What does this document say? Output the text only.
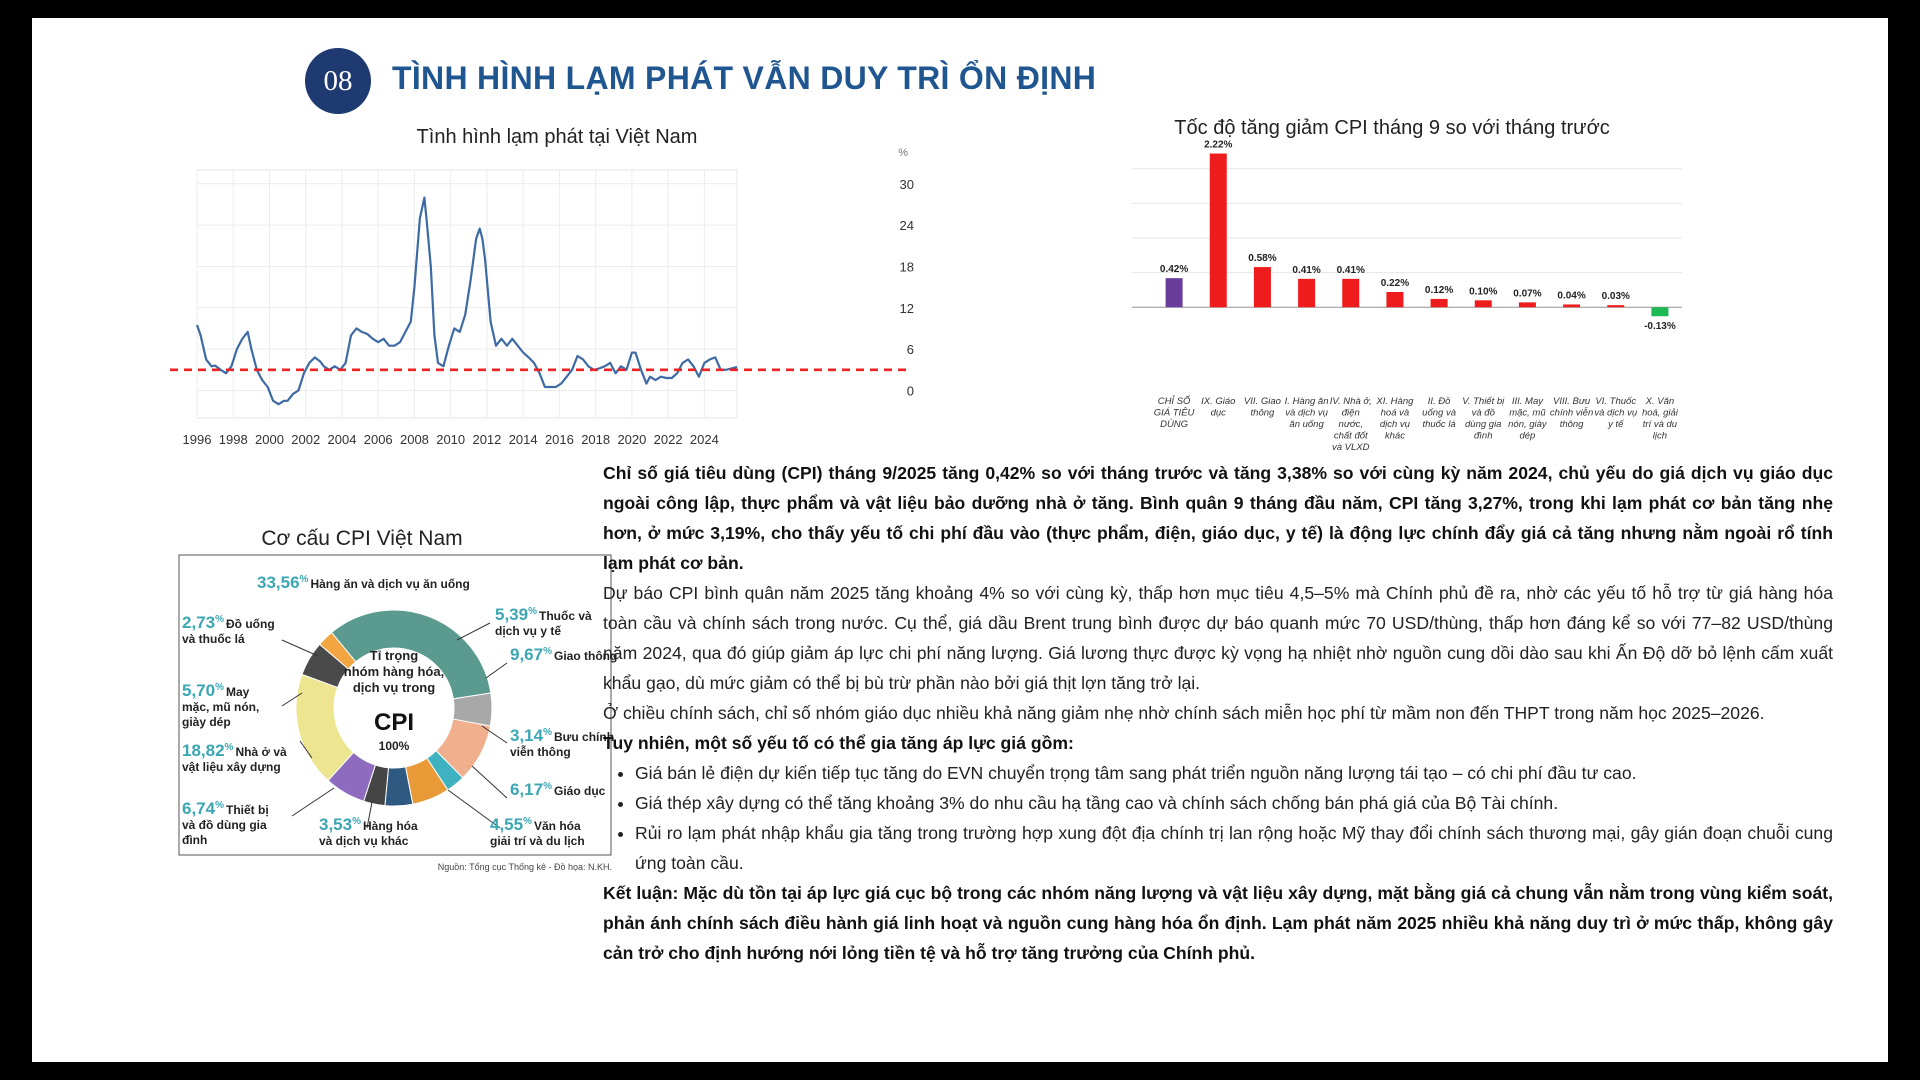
08 TÌNH HÌNH LẠM PHÁT VẪN DUY TRÌ ỔN ĐỊNH
Tình hình lạm phát tại Việt Nam
%
1996 1998 2000 2002 2004 2006 2008 2010 2012 2014 2016 2018 2020 2022 2024
0
6
12
18
24
30
Tốc độ tăng giảm CPI tháng 9 so với tháng trước
0.42%
CHỈ SỐ GIÁ TIÊU DÙNG
2.22%
IX. Giáo dục
0.58%
VII. Giao thông
0.41%
I. Hàng ăn và dịch vụ ăn uống
0.41%
IV. Nhà ở, điện nước, chất đốt và VLXD
0.22%
XI. Hàng hoá và dịch vụ khác
0.12%
II. Đồ uống và thuốc lá
0.10%
V. Thiết bị và đồ dùng gia đình
0.07%
III. May mặc, mũ nón, giày dép
0.04%
VIII. Bưu chính viễn thông
0.03%
VI. Thuốc và dịch vụ y tế
-0.13%
X. Văn hoá, giải trí và du lịch
Cơ cấu CPI Việt Nam
Tỉ trọng
nhóm hàng hóa,
dịch vụ trong
CPI
100%
33,56% Hàng ăn và dịch vụ ăn uống
5,39% Thuốc và dịch vụ y tế
9,67% Giao thông
3,14% Bưu chính viễn thông
6,17% Giáo dục
4,55% Văn hóa giải trí và du lịch
3,53% Hàng hóa và dịch vụ khác
6,74% Thiết bị và đồ dùng gia đình
18,82% Nhà ở và vật liệu xây dựng
5,70% May mặc, mũ nón, giày dép
2,73% Đồ uống và thuốc lá
Nguồn: Tổng cục Thống kê - Đồ họa: N.KH.

Chỉ số giá tiêu dùng (CPI) tháng 9/2025 tăng 0,42% so với tháng trước và tăng 3,38% so với cùng kỳ năm 2024, chủ yếu do giá dịch vụ giáo dục ngoài công lập, thực phẩm và vật liệu bảo dưỡng nhà ở tăng. Bình quân 9 tháng đầu năm, CPI tăng 3,27%, trong khi lạm phát cơ bản tăng nhẹ hơn, ở mức 3,19%, cho thấy yếu tố chi phí đầu vào (thực phẩm, điện, giáo dục, y tế) là động lực chính đẩy giá cả tăng nhưng nằm ngoài rổ tính lạm phát cơ bản.

Dự báo CPI bình quân năm 2025 tăng khoảng 4% so với cùng kỳ, thấp hơn mục tiêu 4,5–5% mà Chính phủ đề ra, nhờ các yếu tố hỗ trợ từ giá hàng hóa toàn cầu và chính sách trong nước. Cụ thể, giá dầu Brent trung bình được dự báo quanh mức 70 USD/thùng, thấp hơn đáng kể so với 77–82 USD/thùng năm 2024, qua đó giúp giảm áp lực chi phí năng lượng. Giá lương thực được kỳ vọng hạ nhiệt nhờ nguồn cung dồi dào sau khi Ấn Độ dỡ bỏ lệnh cấm xuất khẩu gạo, dù mức giảm có thể bị bù trừ phần nào bởi giá thịt lợn tăng trở lại.

Ở chiều chính sách, chỉ số nhóm giáo dục nhiều khả năng giảm nhẹ nhờ chính sách miễn học phí từ mầm non đến THPT trong năm học 2025–2026.

Tuy nhiên, một số yếu tố có thể gia tăng áp lực giá gồm:

• Giá bán lẻ điện dự kiến tiếp tục tăng do EVN chuyển trọng tâm sang phát triển nguồn năng lượng tái tạo – có chi phí đầu tư cao.
• Giá thép xây dựng có thể tăng khoảng 3% do nhu cầu hạ tầng cao và chính sách chống bán phá giá của Bộ Tài chính.
• Rủi ro lạm phát nhập khẩu gia tăng trong trường hợp xung đột địa chính trị lan rộng hoặc Mỹ thay đổi chính sách thương mại, gây gián đoạn chuỗi cung ứng toàn cầu.

Kết luận: Mặc dù tồn tại áp lực giá cục bộ trong các nhóm năng lượng và vật liệu xây dựng, mặt bằng giá cả chung vẫn nằm trong vùng kiểm soát, phản ánh chính sách điều hành giá linh hoạt và nguồn cung hàng hóa ổn định. Lạm phát năm 2025 nhiều khả năng duy trì ở mức thấp, không gây cản trở cho định hướng nới lỏng tiền tệ và hỗ trợ tăng trưởng của Chính phủ.
